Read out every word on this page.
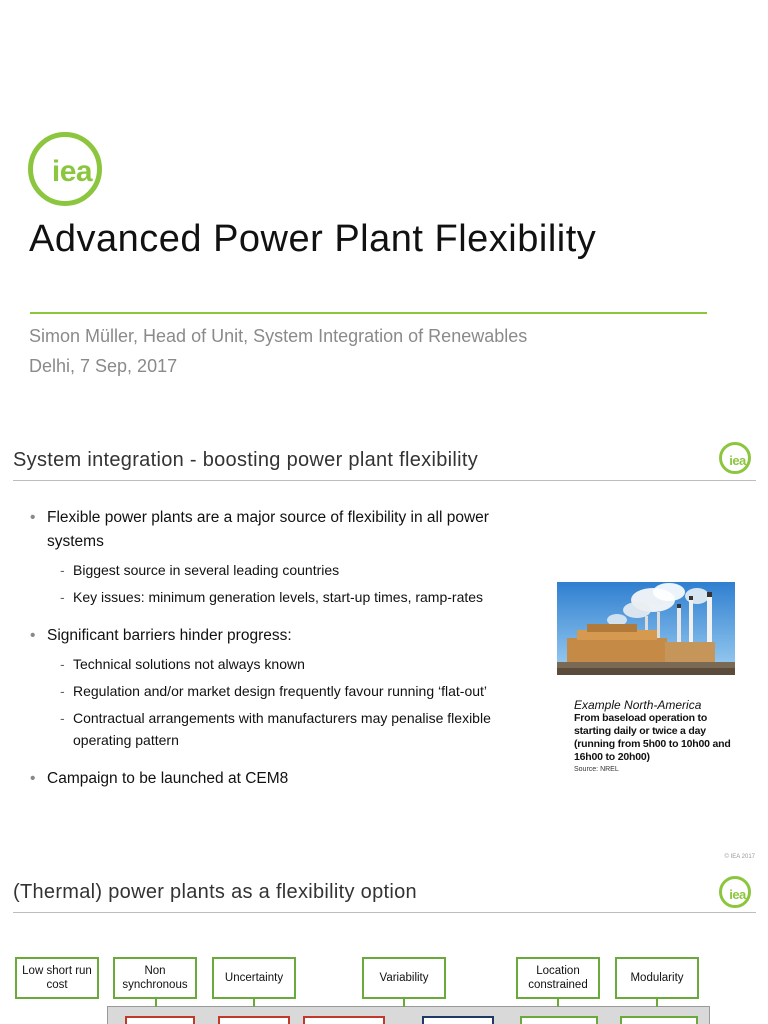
iea
Advanced Power Plant Flexibility
Simon Müller, Head of Unit, System Integration of Renewables
Delhi, 7 Sep, 2017
System integration - boosting power plant flexibility	iea
• Flexible power plants are a major source of flexibility in all power systems
- Biggest source in several leading countries
- Key issues: minimum generation levels, start-up times, ramp-rates
• Significant barriers hinder progress:
- Technical solutions not always known
- Regulation and/or market design frequently favour running ‘flat-out’
- Contractual arrangements with manufacturers may penalise flexible operating pattern
• Campaign to be launched at CEM8
Example North-America
From baseload operation to starting daily or twice a day (running from 5h00 to 10h00 and 16h00 to 20h00)
Source: NREL
© IEA 2017
(Thermal) power plants as a flexibility option	iea
Low short run cost
Non synchronous
Uncertainty	Variability
Location constrained
Modularity
